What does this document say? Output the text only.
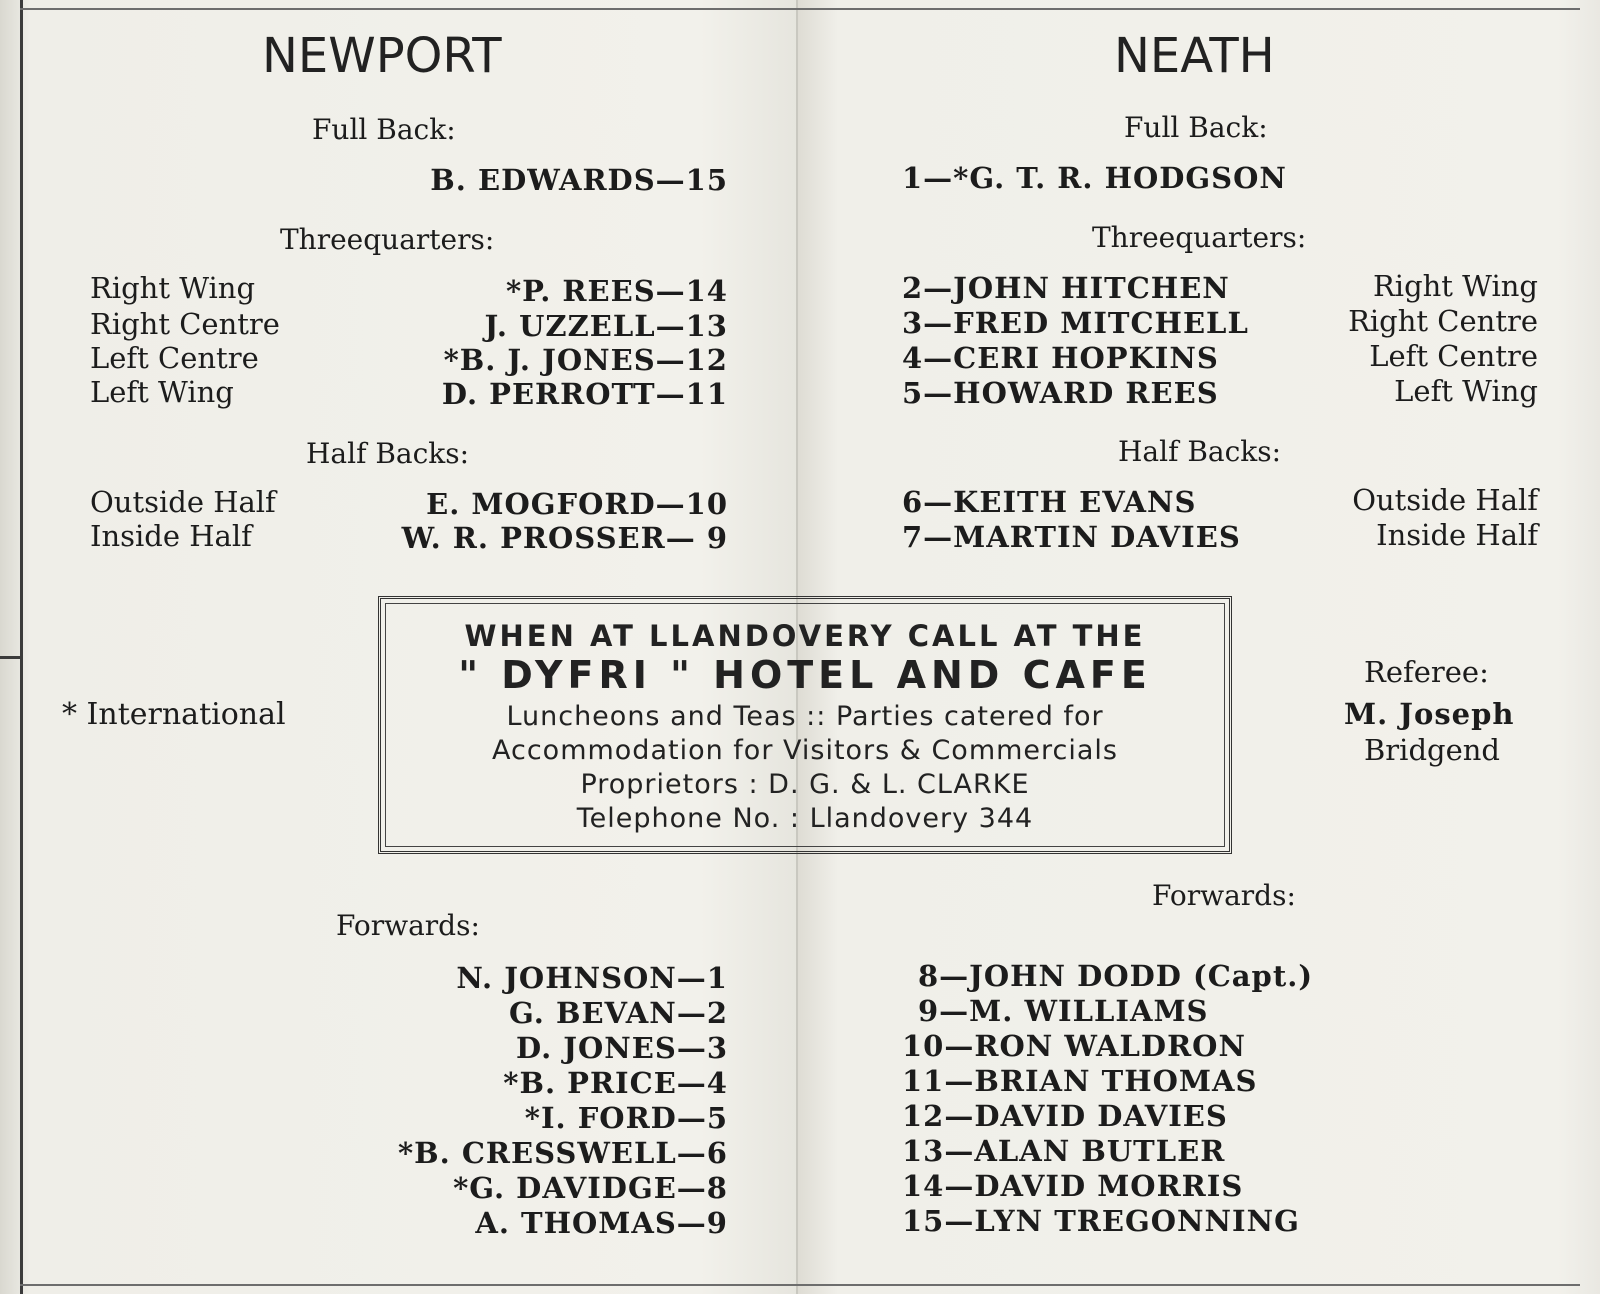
NEWPORT
Full Back:
B. EDWARDS—15
Threequarters:
Right Wing	*P. REES—14
Right Centre	J. UZZELL—13
Left Centre	*B. J. JONES—12
Left Wing	D. PERROTT—11
Half Backs:
Outside Half	E. MOGFORD—10
Inside Half	W. R. PROSSER— 9
* International
Forwards:
N. JOHNSON—1
G. BEVAN—2
D. JONES—3
*B. PRICE—4
*I. FORD—5
*B. CRESSWELL—6
*G. DAVIDGE—8
A. THOMAS—9
NEATH
Full Back:
1—*G. T. R. HODGSON
Threequarters:
2—JOHN HITCHEN	Right Wing
3—FRED MITCHELL	Right Centre
4—CERI HOPKINS	Left Centre
5—HOWARD REES	Left Wing
Half Backs:
6—KEITH EVANS	Outside Half
7—MARTIN DAVIES	Inside Half
Referee:
M. Joseph
Bridgend
Forwards:
8—JOHN DODD (Capt.)
9—M. WILLIAMS
10—RON WALDRON
11—BRIAN THOMAS
12—DAVID DAVIES
13—ALAN BUTLER
14—DAVID MORRIS
15—LYN TREGONNING
WHEN AT LLANDOVERY CALL AT THE
" DYFRI " HOTEL AND CAFE
Luncheons and Teas :: Parties catered for
Accommodation for Visitors & Commercials
Proprietors : D. G. & L. CLARKE
Telephone No. : Llandovery 344
